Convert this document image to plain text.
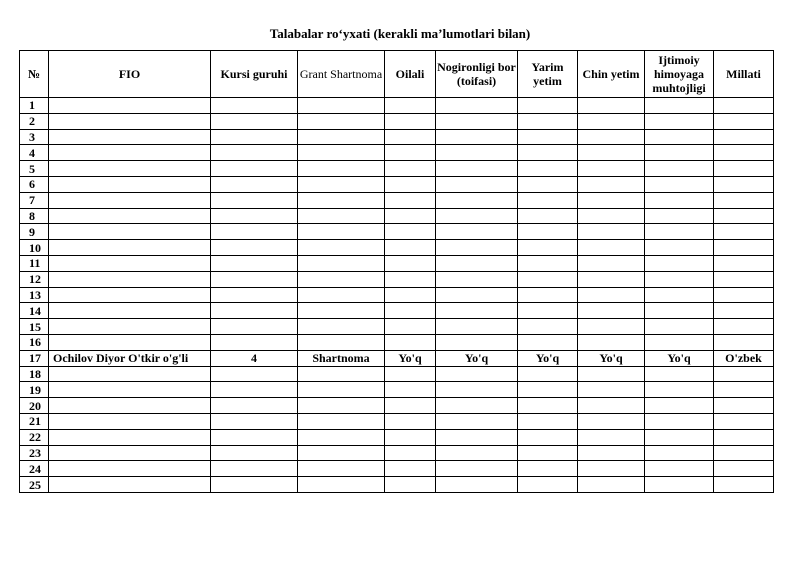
Talabalar ro‘yxati (kerakli ma’lumotlari bilan)
№	FIO	Kursi guruhi	Grant Shartnoma	Oilali	Nogironligi bor (toifasi)	Yarim yetim	Chin yetim	Ijtimoiy himoyaga muhtojligi	Millati
1									
2									
3									
4									
5									
6									
7									
8									
9									
10									
11									
12									
13									
14									
15									
16									
17	Ochilov Diyor O'tkir o'g'li	4	Shartnoma	Yo'q	Yo'q	Yo'q	Yo'q	Yo'q	O'zbek
18									
19									
20									
21									
22									
23									
24									
25									
